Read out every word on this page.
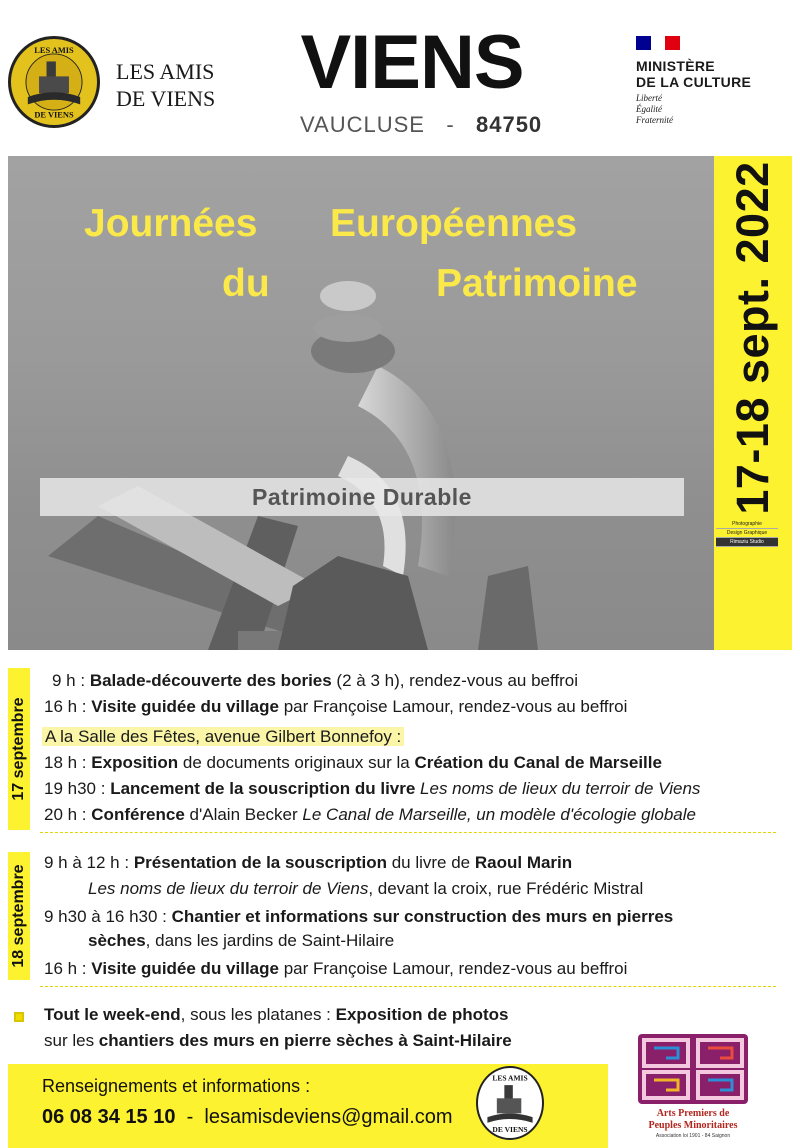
LES AMIS
DE VIENS
LES AMIS
DE VIENS	VIENS
VAUCLUSE - 84750
MINISTÈRE
DE LA CULTURE
Liberté
Égalité
Fraternité
Journées Européennes
du	Patrimoine
Patrimoine Durable	17-18 sept. 2022
Photographie
Design Graphique
Rimaziu Studio
17 septembre
9 h : Balade-découverte des bories (2 à 3 h), rendez-vous au beffroi
16 h : Visite guidée du village par Françoise Lamour, rendez-vous au beffroi
A la Salle des Fêtes, avenue Gilbert Bonnefoy :
18 h : Exposition de documents originaux sur la Création du Canal de Marseille
19 h30 : Lancement de la souscription du livre Les noms de lieux du terroir de Viens
20 h : Conférence d'Alain Becker Le Canal de Marseille, un modèle d'écologie globale
18 septembre
9 h à 12 h : Présentation de la souscription du livre de Raoul Marin
Les noms de lieux du terroir de Viens, devant la croix, rue Frédéric Mistral
9 h30 à 16 h30 : Chantier et informations sur construction des murs en pierres
sèches, dans les jardins de Saint-Hilaire
16 h : Visite guidée du village par Françoise Lamour, rendez-vous au beffroi
Tout le week-end, sous les platanes : Exposition de photos
sur les chantiers des murs en pierre sèches à Saint-Hilaire
Renseignements et informations :
06 08 34 15 10 - lesamisdeviens@gmail.com
LES AMIS
DE VIENS
Arts Premiers de
Peuples Minoritaires
Association loi 1901 - 84 Saignon
